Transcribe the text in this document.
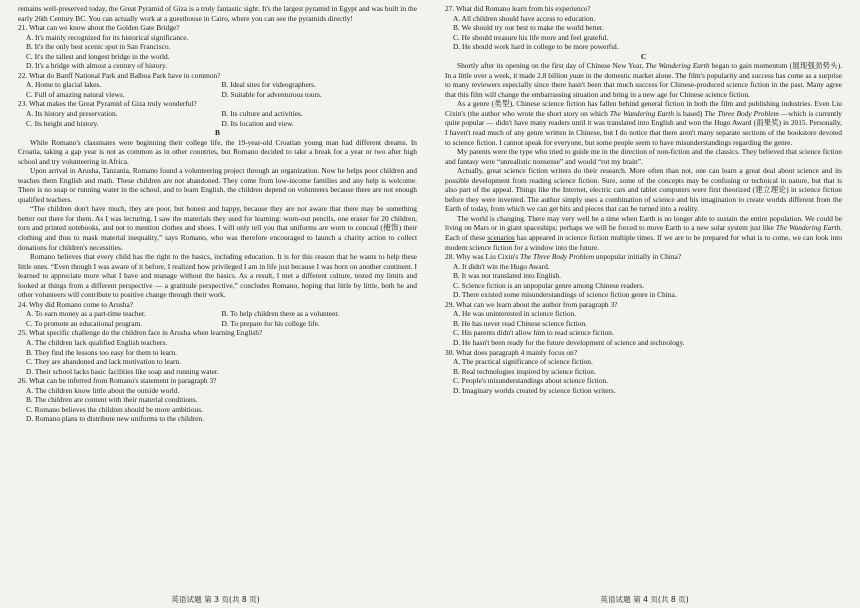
remains well-preserved today, the Great Pyramid of Giza is a truly fantastic sight. It's the largest pyramid in Egypt and was built in the early 26th Century BC. You can actually work at a guesthouse in Cairo, where you can see the pyramids directly!

21. What can we know about the Golden Gate Bridge?

A. It's mainly recognized for its historical significance.

B. It's the only best scenic spot in San Francisco.

C. It's the tallest and longest bridge in the world.

D. It's a bridge with almost a century of history.

22. What do Banff National Park and Balboa Park have in common?

A. Home to glacial lakes.	B. Ideal sites for videographers.
C. Full of amazing natural views.	D. Suitable for adventurous tours.

23. What makes the Great Pyramid of Giza truly wonderful?

A. Its history and preservation.	B. Its culture and activities.
C. Its height and history.	D. Its location and view.

B

While Romano's classmates were beginning their college life, the 19-year-old Croatian young man had different dreams. In Croatia, taking a gap year is not as common as in other countries, but Romano decided to take a break for a year or two after high school and try volunteering in Africa.

Upon arrival in Arusha, Tanzania, Romano found a volunteering project through an organization. Now he helps poor children and teaches them English and math. These children are not abandoned. They come from low-income families and any help is welcome. There is no soap or running water in the school, and to learn English, the children depend on volunteers because there are not enough qualified teachers.

“The children don't have much, they are poor, but honest and happy, because they are not aware that there may be something better out there for them. As I was lecturing, I saw the materials they used for learning: worn-out pencils, one eraser for 20 children, torn and printed notebooks, and not to mention clothes and shoes. I will only tell you that uniforms are worn to conceal (掩饰) their clothing and thus to mask material inequality,” says Romano, who was therefore encouraged to launch a charity action to collect donations for children's necessities.

Romano believes that every child has the right to the basics, including education. It is for this reason that he wants to help these little ones. “Even though I was aware of it before, I realized how privileged I am in life just because I was born on another continent. I learned to appreciate more what I have and manage without the basics. As a result, I met a different culture, tested my limits and looked at things from a different perspective — a gratitude perspective,” concludes Romano, hoping that little by little, both he and other volunteers will contribute to positive change through their work.

24. Why did Romano come to Arusha?

A. To earn money as a part-time teacher.	B. To help children there as a volunteer.
C. To promote an educational program.	D. To prepare for his college life.

25. What specific challenge do the children face in Arusha when learning English?

A. The children lack qualified English teachers.

B. They find the lessons too easy for them to learn.

C. They are abandoned and lack motivation to learn.

D. Their school lacks basic facilities like soap and running water.

26. What can be inferred from Romano's statement in paragraph 3?

A. The children know little about the outside world.

B. The children are content with their material conditions.

C. Romano believes the children should be more ambitious.

D. Romano plans to distribute new uniforms to the children.

英语试题 第 3 页(共 8 页)

27. What did Romano learn from his experience?

A. All children should have access to education.

B. We should try our best to make the world better.

C. He should treasure his life more and feel grateful.

D. He should work hard in college to be more powerful.

C

Shortly after its opening on the first day of Chinese New Year, The Wandering Earth began to gain momentum (展现强劲势头). In a little over a week, it made 2.8 billion yuan in the domestic market alone. The film's popularity and success has come as a surprise to many reviewers especially since there hasn't been that much success for Chinese-produced science fiction in the past. Many agree that this film will change the embarrassing situation and bring in a new age for Chinese science fiction.

As a genre (类型), Chinese science fiction has fallen behind general fiction in both the film and publishing industries. Even Liu Cixin's (the author who wrote the short story on which The Wandering Earth is based) The Three Body Problem —which is currently quite popular — didn't have many readers until it was translated into English and won the Hugo Award (雨果奖) in 2015. Personally, I haven't read much of any genre written in Chinese, but I do notice that there aren't many separate sections of the bookstore devoted to science fiction. I cannot speak for everyone, but some people seem to have misunderstandings regarding the genre.

My parents were the type who tried to guide me in the direction of non-fiction and the classics. They believed that science fiction and fantasy were “unrealistic nonsense” and would “rot my brain”.

Actually, great science fiction writers do their research. More often than not, one can learn a great deal about science and its possible development from reading science fiction. Sure, some of the concepts may be confusing or technical in nature, but that is also part of the appeal. Things like the Internet, electric cars and tablet computers were first theorized (建立理论) in science fiction before they were invented. The author simply uses a combination of science and his imagination to create worlds different from the Earth of today, from which we can get bits and pieces that can be turned into a reality.

The world is changing. There may very well be a time when Earth is no longer able to sustain the entire population. We could be living on Mars or in giant spaceships; perhaps we will be forced to move Earth to a new solar system just like The Wandering Earth. Each of these scenarios has appeared in science fiction multiple times. If we are to be prepared for what is to come, we can look into modern science fiction for a window into the future.

28. Why was Liu Cixin's The Three Body Problem unpopular initially in China?

A. It didn't win the Hugo Award.

B. It was not translated into English.

C. Science fiction is an unpopular genre among Chinese readers.

D. There existed some misunderstandings of science fiction genre in China.

29. What can we learn about the author from paragraph 3?

A. He was uninterested in science fiction.

B. He has never read Chinese science fiction.

C. His parents didn't allow him to read science fiction.

D. He hasn't been ready for the future development of science and technology.

30. What does paragraph 4 mainly focus on?

A. The practical significance of science fiction.

B. Real technologies inspired by science fiction.

C. People's misunderstandings about science fiction.

D. Imaginary worlds created by science fiction writers.

英语试题 第 4 页(共 8 页)
